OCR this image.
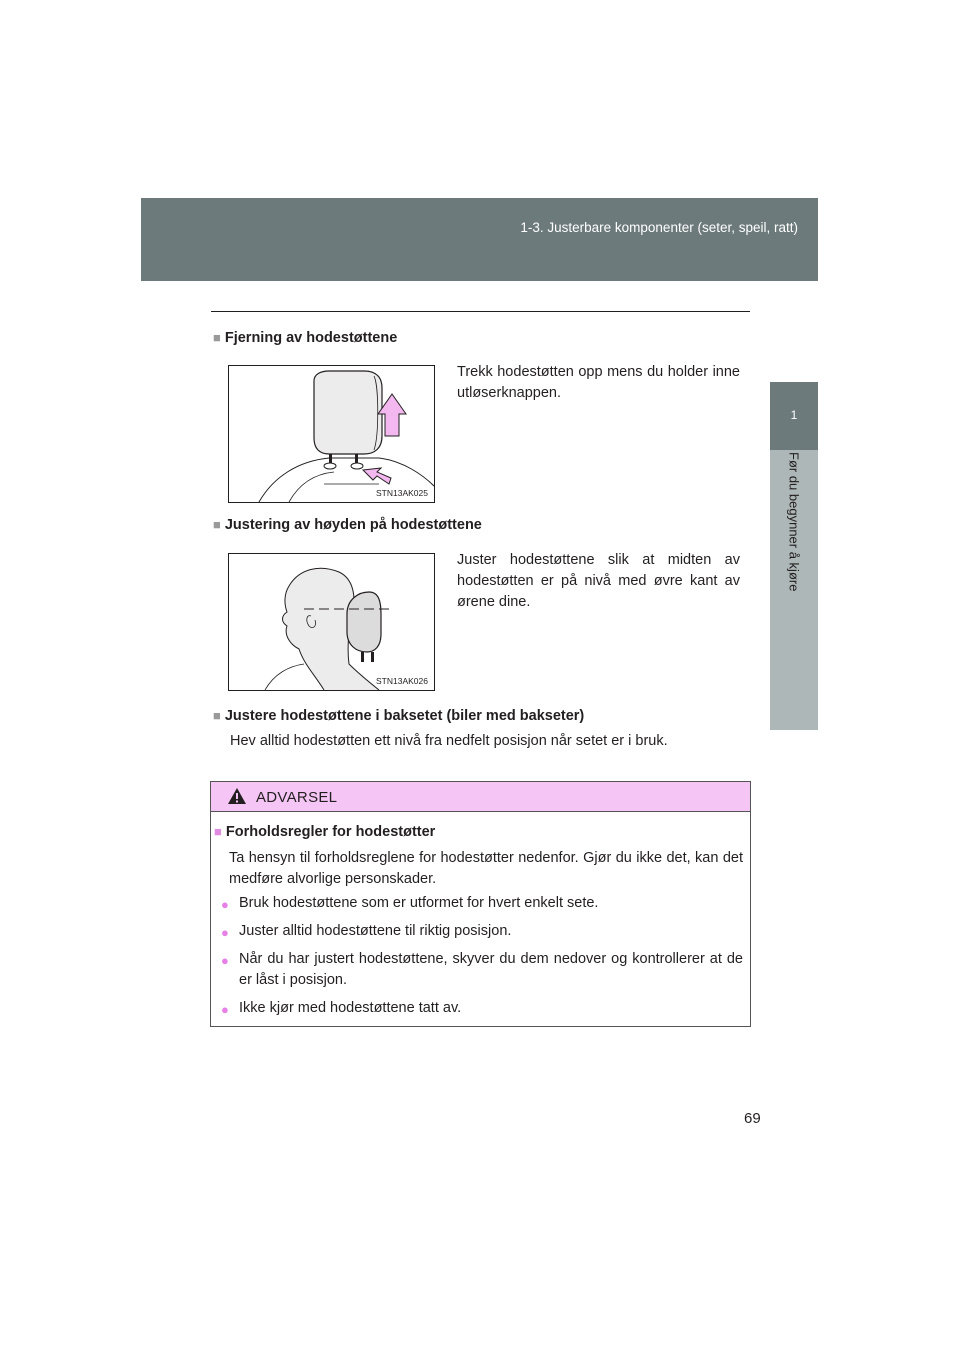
1-3. Justerbare komponenter (seter, speil, ratt)
1
Før du begynner å kjøre
■ Fjerning av hodestøttene
STN13AK025
Trekk hodestøtten opp mens du holder inne utløserknappen.
■ Justering av høyden på hodestøttene
STN13AK026
Juster hodestøttene slik at midten av hodestøtten er på nivå med øvre kant av ørene dine.
■ Justere hodestøttene i baksetet (biler med bakseter)
Hev alltid hodestøtten ett nivå fra nedfelt posisjon når setet er i bruk.
ADVARSEL
■ Forholdsregler for hodestøtter
Ta hensyn til forholdsreglene for hodestøtter nedenfor. Gjør du ikke det, kan det medføre alvorlige personskader.
● Bruk hodestøttene som er utformet for hvert enkelt sete.
● Juster alltid hodestøttene til riktig posisjon.
● Når du har justert hodestøttene, skyver du dem nedover og kontrollerer at de er låst i posisjon.
● Ikke kjør med hodestøttene tatt av.
69
